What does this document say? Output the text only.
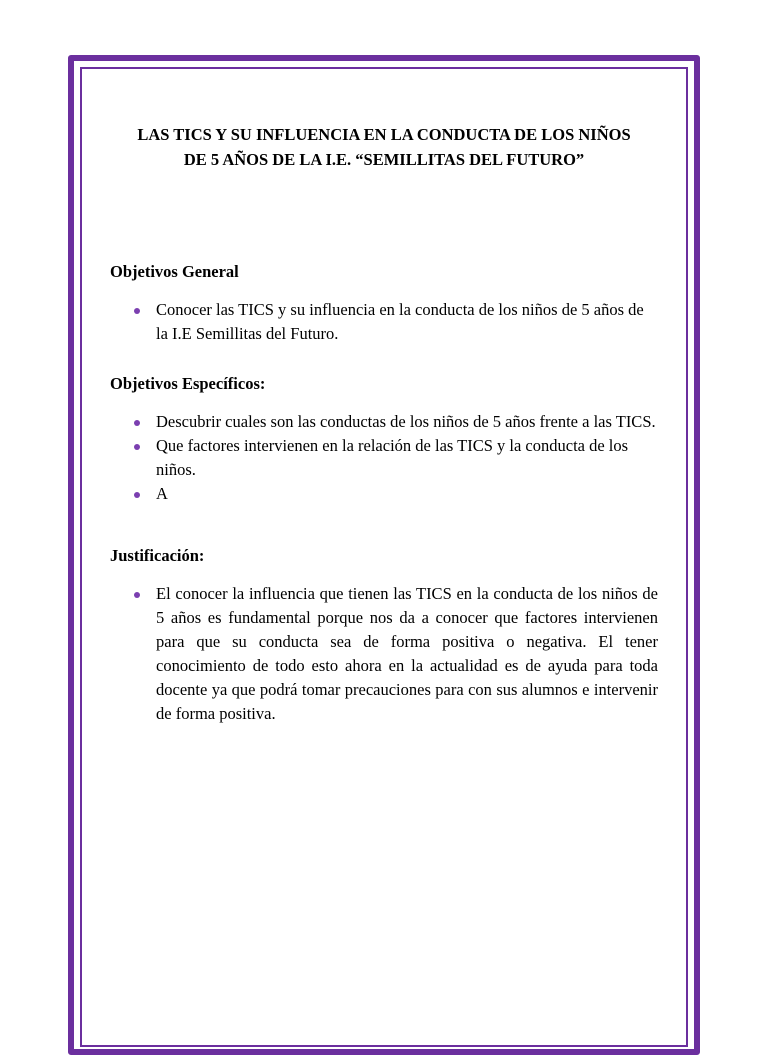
LAS TICS Y SU INFLUENCIA EN LA CONDUCTA DE LOS NIÑOS

DE 5 AÑOS DE LA I.E. “SEMILLITAS DEL FUTURO”

Objetivos General

Conocer las TICS y su influencia en la conducta de los niños de 5 años de la I.E Semillitas del Futuro.

Objetivos Específicos:

Descubrir cuales son las conductas de los niños de 5 años frente a las TICS.
Que factores intervienen en la relación de las TICS y la conducta de los niños.
A

Justificación:

El conocer la influencia que tienen las TICS en la conducta de los niños de 5 años es fundamental porque nos da a conocer que factores intervienen para que su conducta sea de forma positiva o negativa. El tener conocimiento de todo esto ahora en la actualidad es de ayuda para toda docente ya que podrá tomar precauciones para con sus alumnos e intervenir de forma positiva.
